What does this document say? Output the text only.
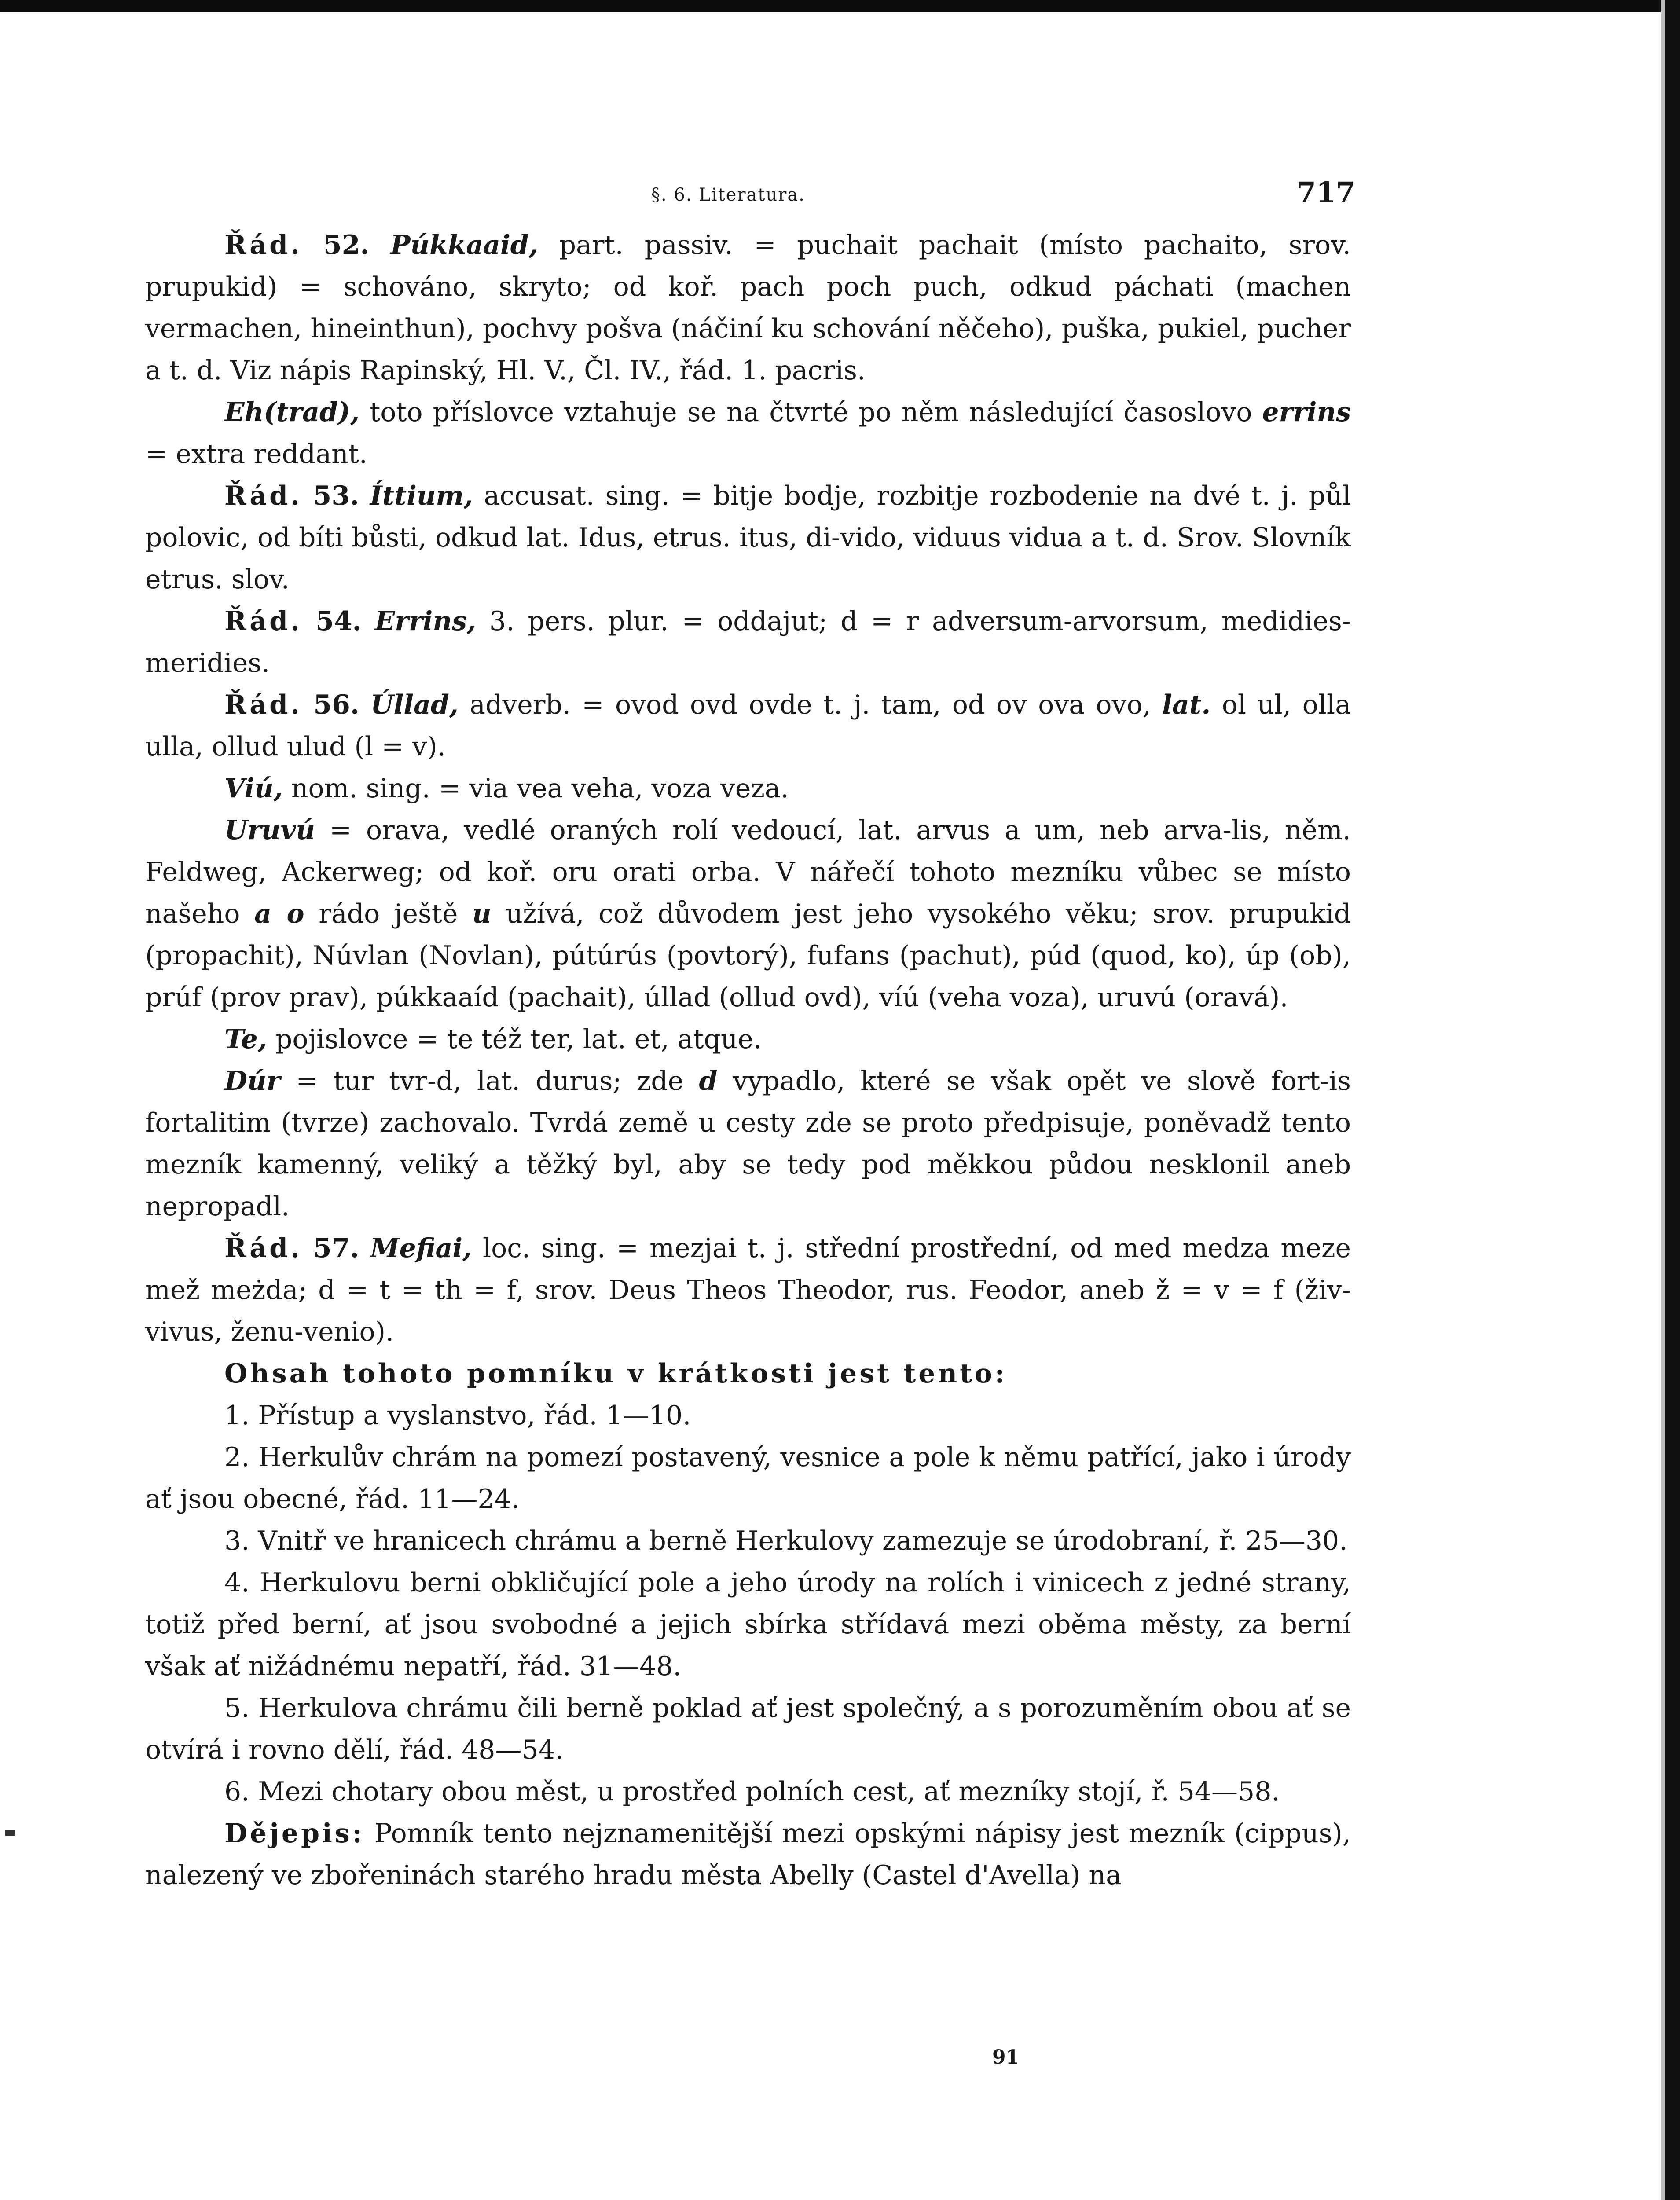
§. 6. Literatura.	717

Řád. 52. Púkkaaid, part. passiv. = puchait pachait (místo pachaito, srov. prupukid) = schováno, skryto; od koř. pach poch puch, odkud páchati (machen vermachen, hineinthun), pochvy pošva (náčiní ku schování něčeho), puška, pukiel, pucher a t. d. Viz nápis Rapinský, Hl. V., Čl. IV., řád. 1. pacris.

Eh(trad), toto příslovce vztahuje se na čtvrté po něm následující časoslovo errins = extra reddant.

Řád. 53. Íttium, accusat. sing. = bitje bodje, rozbitje rozbodenie na dvé t. j. půl polovic, od bíti bůsti, odkud lat. Idus, etrus. itus, di-vido, viduus vidua a t. d. Srov. Slovník etrus. slov.

Řád. 54. Errins, 3. pers. plur. = oddajut; d = r adversum-arvorsum, medidies-meridies.

Řád. 56. Úllad, adverb. = ovod ovd ovde t. j. tam, od ov ova ovo, lat. ol ul, olla ulla, ollud ulud (l = v).

Viú, nom. sing. = via vea veha, voza veza.

Uruvú = orava, vedlé oraných rolí vedoucí, lat. arvus a um, neb arva-lis, něm. Feldweg, Ackerweg; od koř. oru orati orba. V nářečí tohoto mezníku vůbec se místo našeho a o rádo ještě u užívá, což důvodem jest jeho vysokého věku; srov. prupukid (propachit), Núvlan (Novlan), pútúrús (povtorý), fufans (pachut), púd (quod, ko), úp (ob), prúf (prov prav), púkkaaíd (pachait), úllad (ollud ovd), víú (veha voza), uruvú (oravá).

Te, pojislovce = te též ter, lat. et, atque.

Dúr = tur tvr-d, lat. durus; zde d vypadlo, které se však opět ve slově fort-is fortalitim (tvrze) zachovalo. Tvrdá země u cesty zde se proto předpisuje, poněvadž tento mezník kamenný, veliký a těžký byl, aby se tedy pod měkkou půdou nesklonil aneb nepropadl.

Řád. 57. Mefiai, loc. sing. = mezjai t. j. střední prostřední, od med medza meze mež meżda; d = t = th = f, srov. Deus Theos Theodor, rus. Feodor, aneb ž = v = f (živ-vivus, ženu-venio).

Ohsah tohoto pomníku v krátkosti jest tento:

1. Přístup a vyslanstvo, řád. 1—10.

2. Herkulův chrám na pomezí postavený, vesnice a pole k němu patřící, jako i úrody ať jsou obecné, řád. 11—24.

3. Vnitř ve hranicech chrámu a berně Herkulovy zamezuje se úrodobraní, ř. 25—30.

4. Herkulovu berni obkličující pole a jeho úrody na rolích i vinicech z jedné strany, totiž před berní, ať jsou svobodné a jejich sbírka střídavá mezi oběma městy, za berní však ať nižádnému nepatří, řád. 31—48.

5. Herkulova chrámu čili berně poklad ať jest společný, a s porozuměním obou ať se otvírá i rovno dělí, řád. 48—54.

6. Mezi chotary obou měst, u prostřed polních cest, ať mezníky stojí, ř. 54—58.

Dějepis: Pomník tento nejznamenitější mezi opskými nápisy jest mezník (cippus), nalezený ve zbořeninách starého hradu města Abelly (Castel d'Avella) na

91
